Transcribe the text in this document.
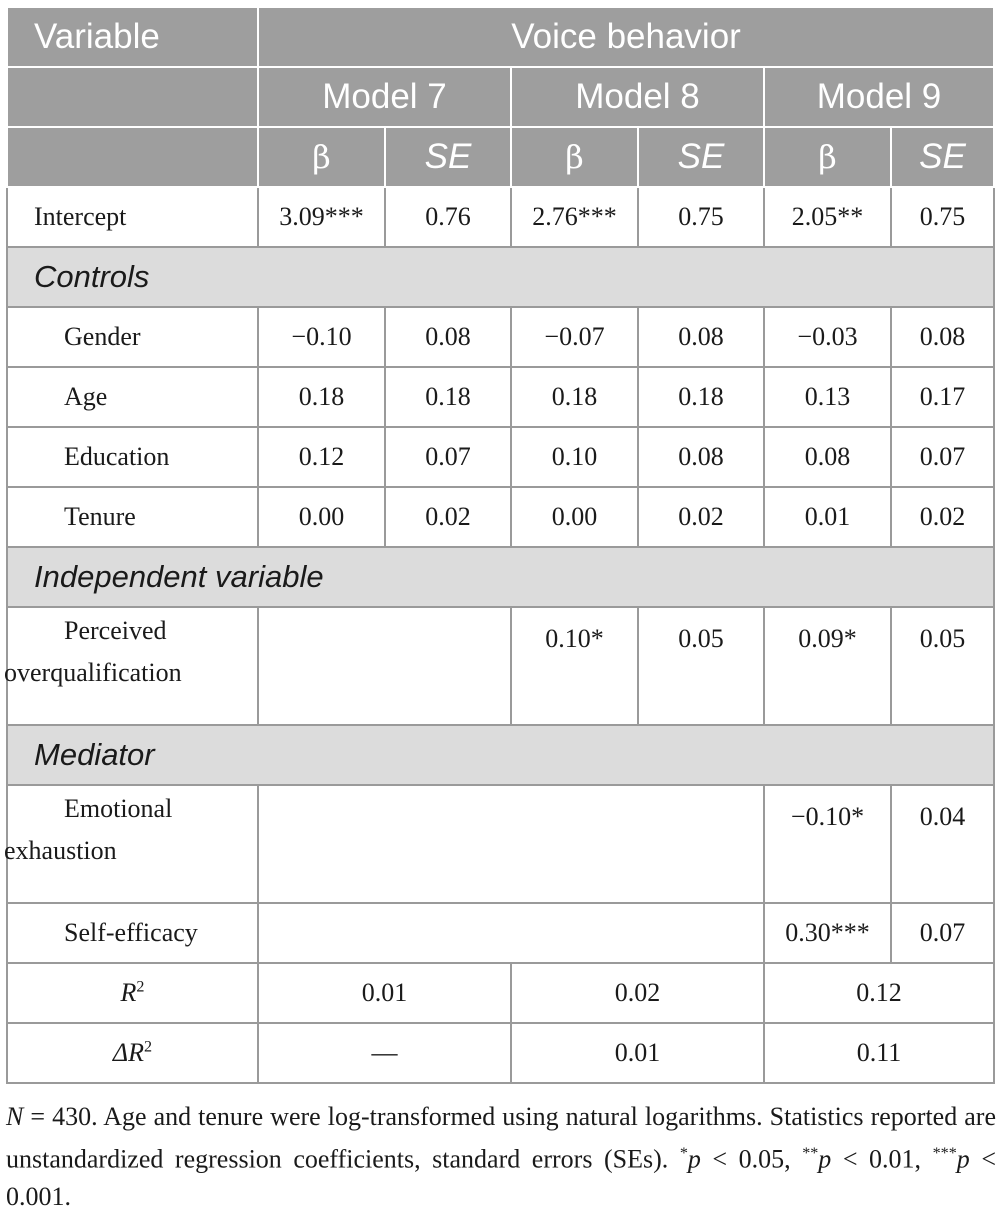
Variable	Voice behavior					
	Model 7		Model 8		Model 9	
	β	SE	β	SE	β	SE
Intercept	3.09***	0.76	2.76***	0.75	2.05**	0.75
Controls						
Gender	−0.10	0.08	−0.07	0.08	−0.03	0.08
Age	0.18	0.18	0.18	0.18	0.13	0.17
Education	0.12	0.07	0.10	0.08	0.08	0.07
Tenure	0.00	0.02	0.00	0.02	0.01	0.02
Independent variable						
Perceived
overqualification			0.10*	0.05	0.09*	0.05
Mediator						
Emotional
exhaustion					−0.10*	0.04
Self-efficacy					0.30***	0.07
$R^2$	0.01		0.02		0.12	
$\Delta R^2$	—		0.01		0.11	

N = 430. Age and tenure were log-transformed using natural logarithms. Statistics reported are unstandardized regression coefficients, standard errors (SEs). *p < 0.05, **p < 0.01, ***p < 0.001.
